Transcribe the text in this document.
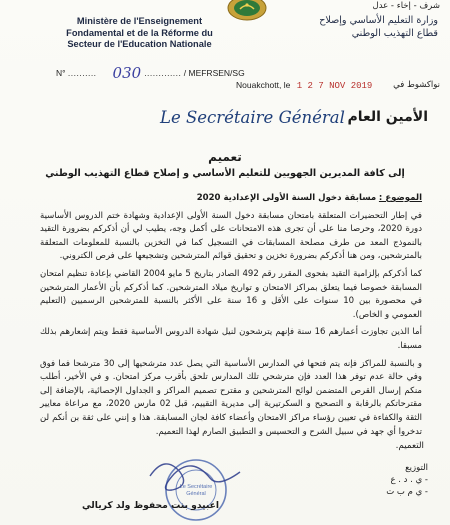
شرف - إخاء - عدل
Ministère de l'Enseignement
Fondamental et de la Réforme du
Secteur de l'Education Nationale
وزارة التعليم الأساسي وإصلاح
قطاع التهذيب الوطني
N° .......... 030 ............. / MEFRSEN/SG
Nouakchott, le 1 2 7 NOV 2019 نواكشوط في
Le Secrétaire Général الأمين العام
تعميم
إلى كافة المديرين الجهويين للتعليم الأساسي و إصلاح قطاع التهذيب الوطني

الموضوع : مسابقة دخول السنة الأولى الإعدادية 2020

في إطار التحضيرات المتعلقة بامتحان مسابقة دخول السنة الأولى الإعدادية وشهادة ختم الدروس الأساسية دورة 2020، وحرصا منا على أن تجرى هذه الامتحانات على أكمل وجه، يطيب لي أن أذكركم بضرورة التقيد بالنموذج المعد من طرف مصلحة المسابقات في التسجيل كما في التخزين بالنسبة للمعلومات المتعلقة بالمترشحين، ومن هنا أذكركم بضرورة تخزين و تحقيق قوائم المترشحين وتشجيعها على فرص الكتروني.

كما أذكركم بإلزامية التقيد بفحوى المقرر رقم 492 الصادر بتاريخ 5 مايو 2004 القاضي بإعادة تنظيم امتحان المسابقة خصوصا فيما يتعلق بمراكز الامتحان و تواريخ ميلاد المترشحين. كما أذكركم بأن الأعمار المترشحين في محصورة بين 10 سنوات على الأقل و 16 سنة على الأكثر بالنسبة للمترشحين الرسميين (التعليم العمومي و الخاص).

أما الذين تجاوزت أعمارهم 16 سنة فإنهم يترشحون لنيل شهادة الدروس الأساسية فقط ويتم إشعارهم بذلك مسبقا.

و بالنسبة للمراكز فإنه يتم فتحها في المدارس الأساسية التي يصل عدد مترشحيها إلى 30 مترشحا فما فوق وفي حالة عدم توفر هذا العدد فإن مترشحي تلك المدارس تلحق بأقرب مركز امتحان. و في الأخير، أطلب منكم إرسال القرص المتضمن لوائح المترشحين و مقترح تصميم المراكز و الجداول الإحصائية، بالإضافة إلى مقترحاتكم بالرقابة و التصحيح و السكرتيرية إلى مديرية التقييم، قبل 02 مارس 2020، مع مراعاة معايير الثقة والكفاءة في تعيين رؤساء مراكز الامتحان وأعضاء كافة لجان المسابقة. هذا و إنني على ثقة بن أنكم لن تدخروا أي جهد في سبيل الشرح و التحسيس و التطبيق الصارم لهذا التعميم.

التعميم.
التوزيع
- ي . د . ع
- ي م ب ت
Le Secrétaire
Général
اعبيدو بنت محفوظ ولد كريالي
